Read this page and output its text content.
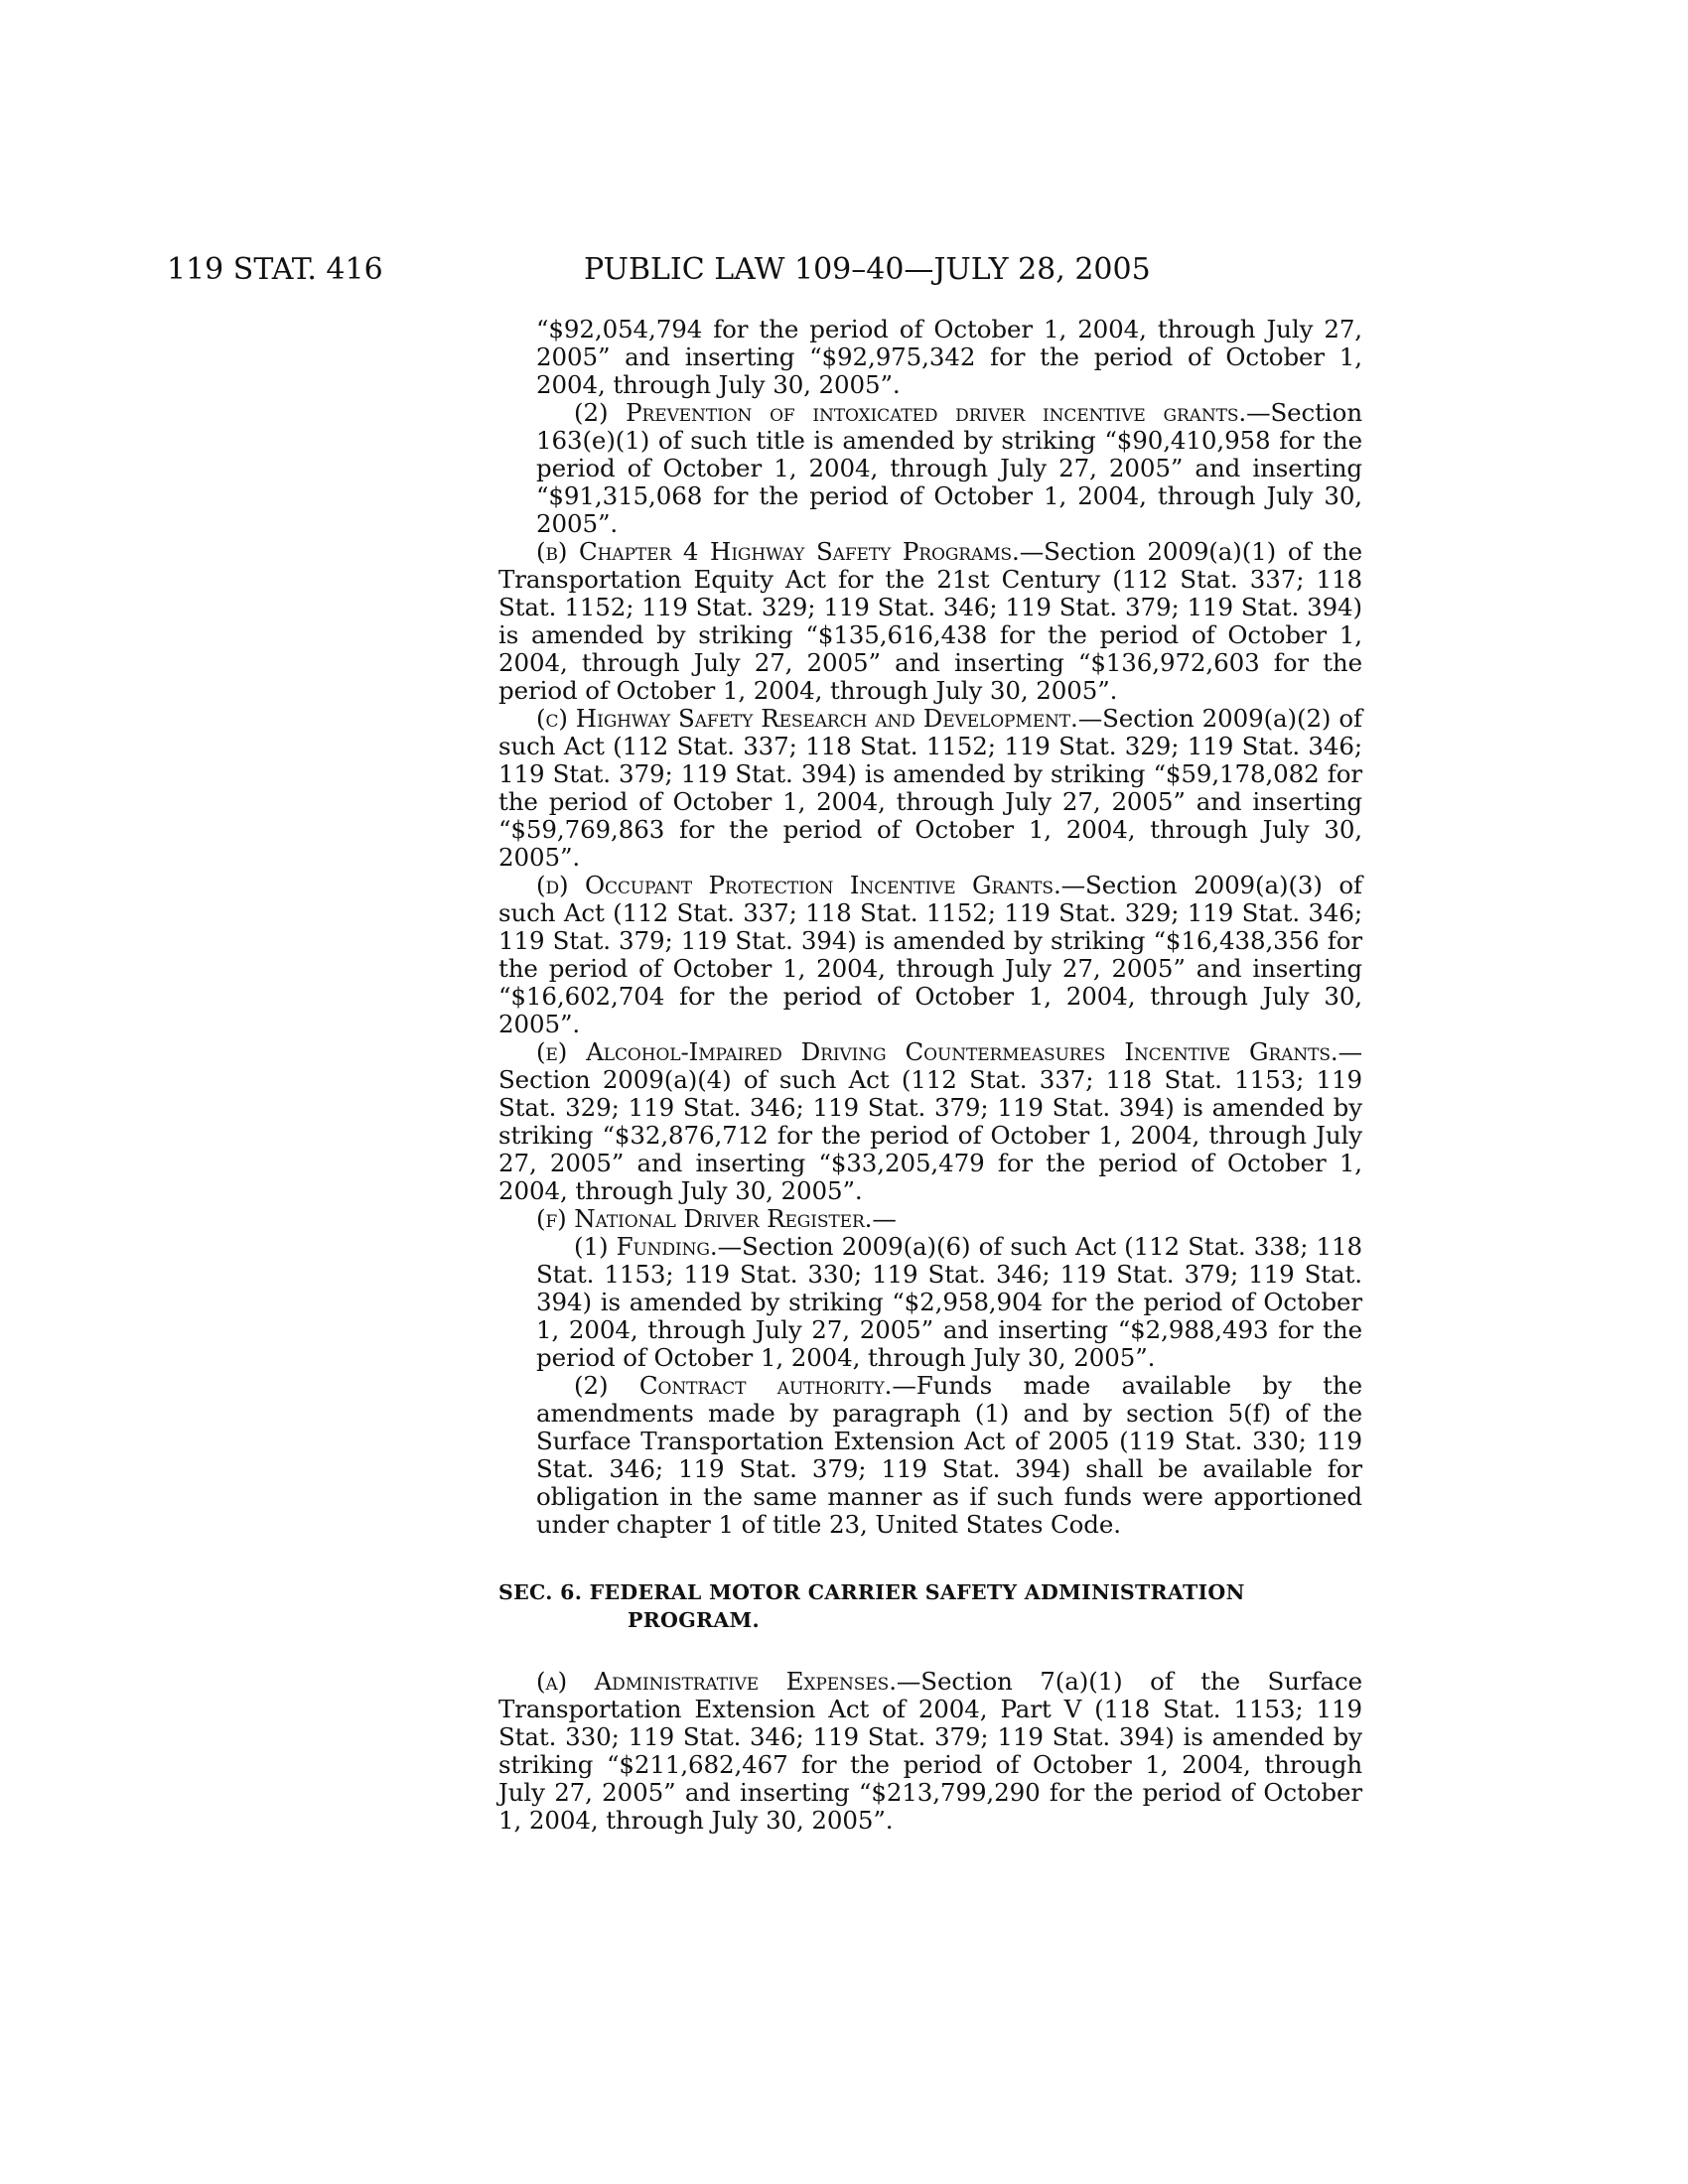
119 STAT. 416	PUBLIC LAW 109–40—JULY 28, 2005

“$92,054,794 for the period of October 1, 2004, through July 27, 2005” and inserting “$92,975,342 for the period of October 1, 2004, through July 30, 2005”.

(2) Prevention of intoxicated driver incentive grants.—Section 163(e)(1) of such title is amended by striking “$90,410,958 for the period of October 1, 2004, through July 27, 2005” and inserting “$91,315,068 for the period of October 1, 2004, through July 30, 2005”.

(b) Chapter 4 Highway Safety Programs.—Section 2009(a)(1) of the Transportation Equity Act for the 21st Century (112 Stat. 337; 118 Stat. 1152; 119 Stat. 329; 119 Stat. 346; 119 Stat. 379; 119 Stat. 394) is amended by striking “$135,616,438 for the period of October 1, 2004, through July 27, 2005” and inserting “$136,972,603 for the period of October 1, 2004, through July 30, 2005”.

(c) Highway Safety Research and Development.—Section 2009(a)(2) of such Act (112 Stat. 337; 118 Stat. 1152; 119 Stat. 329; 119 Stat. 346; 119 Stat. 379; 119 Stat. 394) is amended by striking “$59,178,082 for the period of October 1, 2004, through July 27, 2005” and inserting “$59,769,863 for the period of October 1, 2004, through July 30, 2005”.

(d) Occupant Protection Incentive Grants.—Section 2009(a)(3) of such Act (112 Stat. 337; 118 Stat. 1152; 119 Stat. 329; 119 Stat. 346; 119 Stat. 379; 119 Stat. 394) is amended by striking “$16,438,356 for the period of October 1, 2004, through July 27, 2005” and inserting “$16,602,704 for the period of October 1, 2004, through July 30, 2005”.

(e) Alcohol-Impaired Driving Countermeasures Incentive Grants.—Section 2009(a)(4) of such Act (112 Stat. 337; 118 Stat. 1153; 119 Stat. 329; 119 Stat. 346; 119 Stat. 379; 119 Stat. 394) is amended by striking “$32,876,712 for the period of October 1, 2004, through July 27, 2005” and inserting “$33,205,479 for the period of October 1, 2004, through July 30, 2005”.

(f) National Driver Register.—

(1) Funding.—Section 2009(a)(6) of such Act (112 Stat. 338; 118 Stat. 1153; 119 Stat. 330; 119 Stat. 346; 119 Stat. 379; 119 Stat. 394) is amended by striking “$2,958,904 for the period of October 1, 2004, through July 27, 2005” and inserting “$2,988,493 for the period of October 1, 2004, through July 30, 2005”.

(2) Contract authority.—Funds made available by the amendments made by paragraph (1) and by section 5(f) of the Surface Transportation Extension Act of 2005 (119 Stat. 330; 119 Stat. 346; 119 Stat. 379; 119 Stat. 394) shall be available for obligation in the same manner as if such funds were apportioned under chapter 1 of title 23, United States Code.

SEC. 6. FEDERAL MOTOR CARRIER SAFETY ADMINISTRATION PROGRAM.

(a) Administrative Expenses.—Section 7(a)(1) of the Surface Transportation Extension Act of 2004, Part V (118 Stat. 1153; 119 Stat. 330; 119 Stat. 346; 119 Stat. 379; 119 Stat. 394) is amended by striking “$211,682,467 for the period of October 1, 2004, through July 27, 2005” and inserting “$213,799,290 for the period of October 1, 2004, through July 30, 2005”.
